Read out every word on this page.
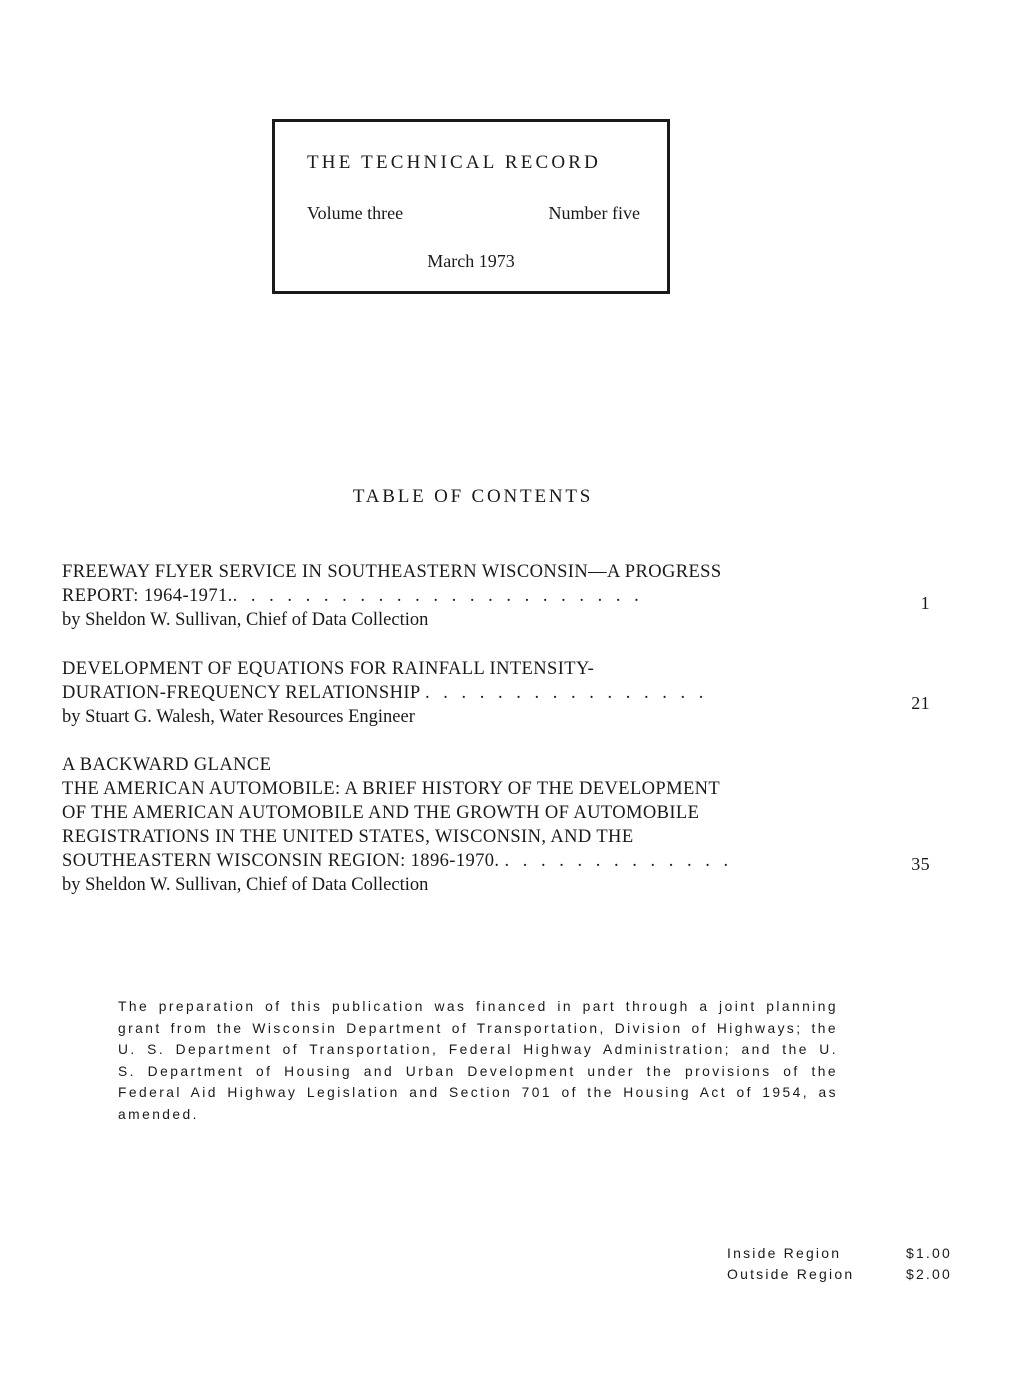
THE TECHNICAL RECORD
Volume three	Number five
March 1973
TABLE OF CONTENTS
FREEWAY FLYER SERVICE IN SOUTHEASTERN WISCONSIN—A PROGRESS
REPORT: 1964-1971.. . . . . . . . . . . . . . . . . . . . . . .	1
by Sheldon W. Sullivan, Chief of Data Collection
DEVELOPMENT OF EQUATIONS FOR RAINFALL INTENSITY-
DURATION-FREQUENCY RELATIONSHIP . . . . . . . . . . . . . . . .	21
by Stuart G. Walesh, Water Resources Engineer
A BACKWARD GLANCE
THE AMERICAN AUTOMOBILE: A BRIEF HISTORY OF THE DEVELOPMENT
OF THE AMERICAN AUTOMOBILE AND THE GROWTH OF AUTOMOBILE
REGISTRATIONS IN THE UNITED STATES, WISCONSIN, AND THE
SOUTHEASTERN WISCONSIN REGION: 1896-1970. . . . . . . . . . . . . .	35
by Sheldon W. Sullivan, Chief of Data Collection
The preparation of this publication was financed in part through a joint planning grant from the Wisconsin Department of Transportation, Division of Highways; the U. S. Department of Transportation, Federal Highway Administration; and the U. S. Department of Housing and Urban Development under the provisions of the Federal Aid Highway Legislation and Section 701 of the Housing Act of 1954, as amended.
Inside Region	$1.00
Outside Region	$2.00
